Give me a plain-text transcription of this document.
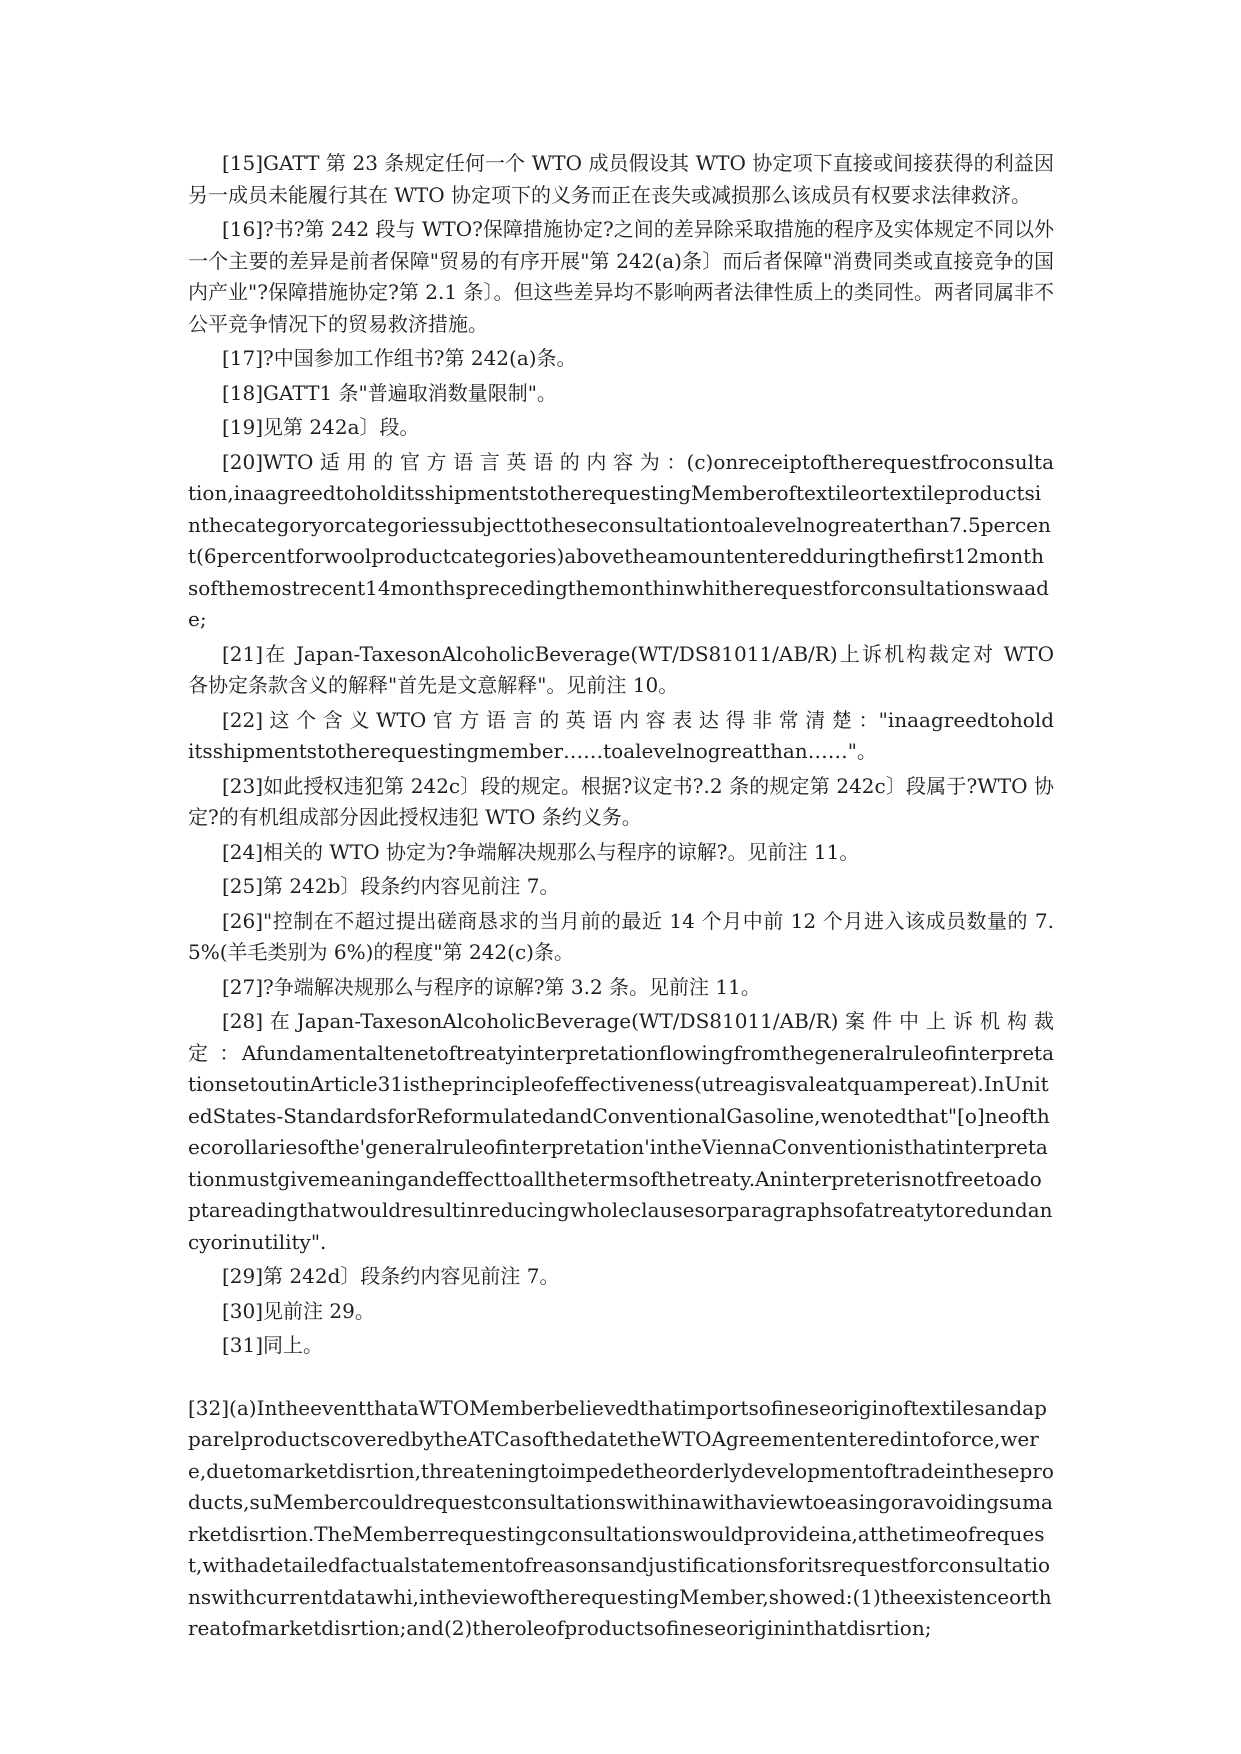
[15]GATT 第 23 条规定任何一个 WTO 成员假设其 WTO 协定项下直接或间接获得的利益因另一成员未能履行其在 WTO 协定项下的义务而正在丧失或减损那么该成员有权要求法律救济。

[16]?书?第 242 段与 WTO?保障措施协定?之间的差异除采取措施的程序及实体规定不同以外一个主要的差异是前者保障"贸易的有序开展"第 242(a)条〕而后者保障"消费同类或直接竞争的国内产业"?保障措施协定?第 2.1 条〕。但这些差异均不影响两者法律性质上的类同性。两者同属非不公平竞争情况下的贸易救济措施。

[17]?中国参加工作组书?第 242(a)条。

[18]GATT1 条"普遍取消数量限制"。

[19]见第 242a〕段。

[20]WTO 适 用 的 官 方 语 言 英 语 的 内 容 为 ：(c)onreceiptoftherequestfroconsultation,inaagreedtoholditsshipmentstotherequestingMemberoftextileortextileproductsinthecategoryorcategoriessubjecttotheseconsultationtoalevelnogreaterthan7.5percent(6percentforwoolproductcategories)abovetheamountenteredduringthefirst12monthsofthemostrecent14monthsprecedingthemonthinwhitherequestforconsultationswaade;

[21]在 Japan-TaxesonAlcoholicBeverage(WT/DS81011/AB/R)上诉机构裁定对 WTO 各协定条款含义的解释"首先是文意解释"。见前注 10。

[22] 这 个 含 义 WTO 官 方 语 言 的 英 语 内 容 表 达 得 非 常 清 楚 ："inaagreedtoholditsshipmentstotherequestingmember……toalevelnogreatthan……"。

[23]如此授权违犯第 242c〕段的规定。根据?议定书?.2 条的规定第 242c〕段属于?WTO 协定?的有机组成部分因此授权违犯 WTO 条约义务。

[24]相关的 WTO 协定为?争端解决规那么与程序的谅解?。见前注 11。

[25]第 242b〕段条约内容见前注 7。

[26]"控制在不超过提出磋商恳求的当月前的最近 14 个月中前 12 个月进入该成员数量的 7.5%(羊毛类别为 6%)的程度"第 242(c)条。

[27]?争端解决规那么与程序的谅解?第 3.2 条。见前注 11。

[28] 在 Japan-TaxesonAlcoholicBeverage(WT/DS81011/AB/R) 案 件 中 上 诉 机 构 裁 定 ：AfundamentaltenetoftreatyinterpretationflowingfromthegeneralruleofinterpretationsetoutinArticle31istheprincipleofeffectiveness(utreagisvaleatquampereat).InUnitedStates-StandardsforReformulatedandConventionalGasoline,wenotedthat"[o]neofthecorollariesofthe'generalruleofinterpretation'intheViennaConventionisthatinterpretationmustgivemeaningandeffecttoallthetermsofthetreaty.Aninterpreterisnotfreetoadoptareadingthatwouldresultinreducingwholeclausesorparagraphsofatreatytoredundancyorinutility".

[29]第 242d〕段条约内容见前注 7。

[30]见前注 29。

[31]同上。

[32](a)IntheeventthataWTOMemberbelievedthatimportsofineseoriginoftextilesandapparelproductscoveredbytheATCasofthedatetheWTOAgreemententeredintoforce,were,duetomarketdisrtion,threateningtoimpedetheorderlydevelopmentoftradeintheseproducts,suMembercouldrequestconsultationswithinawithaviewtoeasingoravoidingsumarketdisrtion.TheMemberrequestingconsultationswouldprovideina,atthetimeofrequest,withadetailedfactualstatementofreasonsandjustificationsforitsrequestforconsultationswithcurrentdatawhi,intheviewoftherequestingMember,showed:(1)theexistenceorthreatofmarketdisrtion;and(2)theroleofproductsofineseorigininthatdisrtion;
